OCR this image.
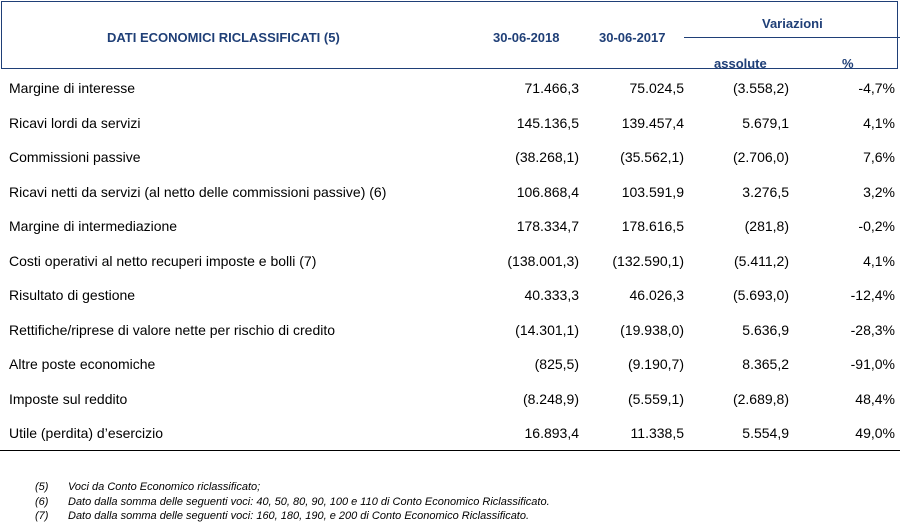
DATI ECONOMICI RICLASSIFICATI (5)	30-06-2018	30-06-2017
Variazioni
assolute	%
Margine di interesse	71.466,3	75.024,5	(3.558,2)	-4,7%
Ricavi lordi da servizi	145.136,5	139.457,4	5.679,1	4,1%
Commissioni passive	(38.268,1)	(35.562,1)	(2.706,0)	7,6%
Ricavi netti da servizi (al netto delle commissioni passive) (6)	106.868,4	103.591,9	3.276,5	3,2%
Margine di intermediazione	178.334,7	178.616,5	(281,8)	-0,2%
Costi operativi al netto recuperi imposte e bolli (7)	(138.001,3) (132.590,1)	(5.411,2)	4,1%
Risultato di gestione	40.333,3	46.026,3	(5.693,0)	-12,4%
Rettifiche/riprese di valore nette per rischio di credito	(14.301,1)	(19.938,0)	5.636,9	-28,3%
Altre poste economiche	(825,5)	(9.190,7)	8.365,2	-91,0%
Imposte sul reddito	(8.248,9)	(5.559,1)	(2.689,8)	48,4%
Utile (perdita) d’esercizio	16.893,4	11.338,5	5.554,9	49,0%
(5) Voci da Conto Economico riclassificato;
(6) Dato dalla somma delle seguenti voci: 40, 50, 80, 90, 100 e 110 di Conto Economico Riclassificato.
(7) Dato dalla somma delle seguenti voci: 160, 180, 190, e 200 di Conto Economico Riclassificato.
